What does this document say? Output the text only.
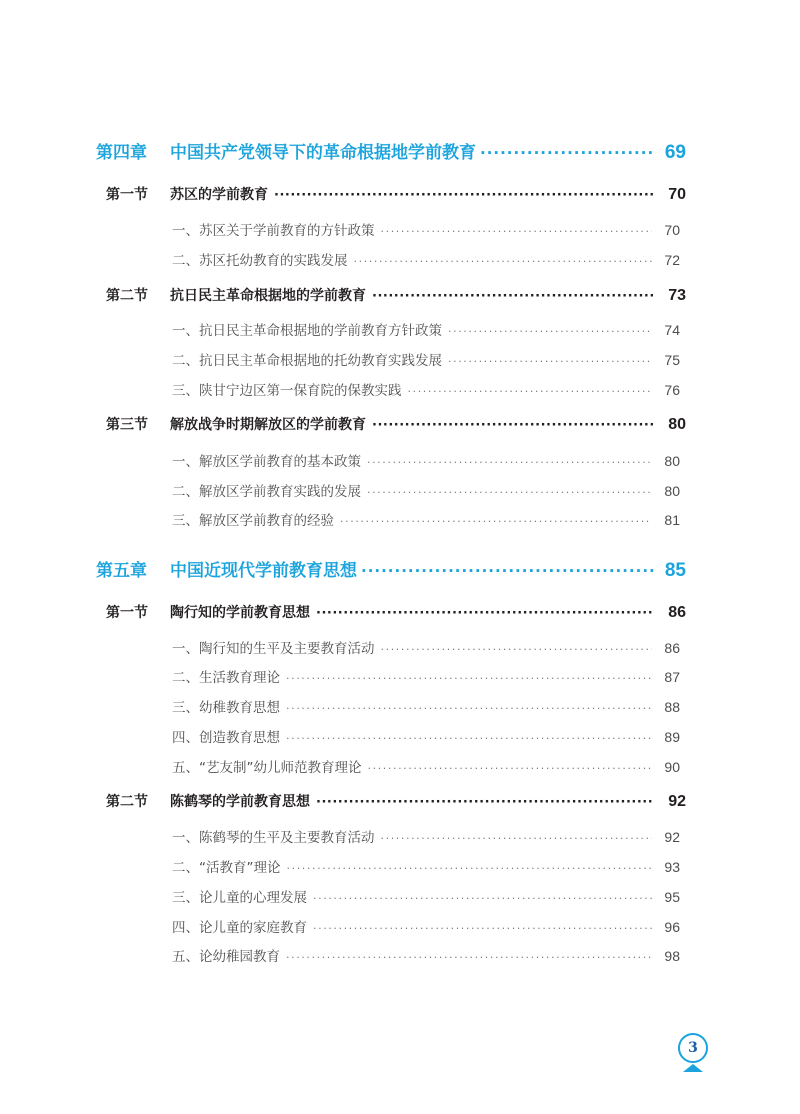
第四章	中国共产党领导下的革命根据地学前教育 ·····	69
第一节	苏区的学前教育 ·····	70
一、苏区关于学前教育的方针政策 ·····	70
二、苏区托幼教育的实践发展 ·····	72
第二节	抗日民主革命根据地的学前教育 ·····	73
一、抗日民主革命根据地的学前教育方针政策 ·····	74
二、抗日民主革命根据地的托幼教育实践发展 ·····	75
三、陕甘宁边区第一保育院的保教实践 ·····	76
第三节	解放战争时期解放区的学前教育 ·····	80
一、解放区学前教育的基本政策 ·····	80
二、解放区学前教育实践的发展 ·····	80
三、解放区学前教育的经验 ·····	81
第五章	中国近现代学前教育思想 ·····	85
第一节	陶行知的学前教育思想 ·····	86
一、陶行知的生平及主要教育活动 ·····	86
二、生活教育理论 ·····	87
三、幼稚教育思想 ·····	88
四、创造教育思想 ·····	89
五、“艺友制”幼儿师范教育理论 ·····	90
第二节	陈鹤琴的学前教育思想 ·····	92
一、陈鹤琴的生平及主要教育活动 ·····	92
二、“活教育”理论 ·····	93
三、论儿童的心理发展 ·····	95
四、论儿童的家庭教育 ·····	96
五、论幼稚园教育 ·····	98
3
